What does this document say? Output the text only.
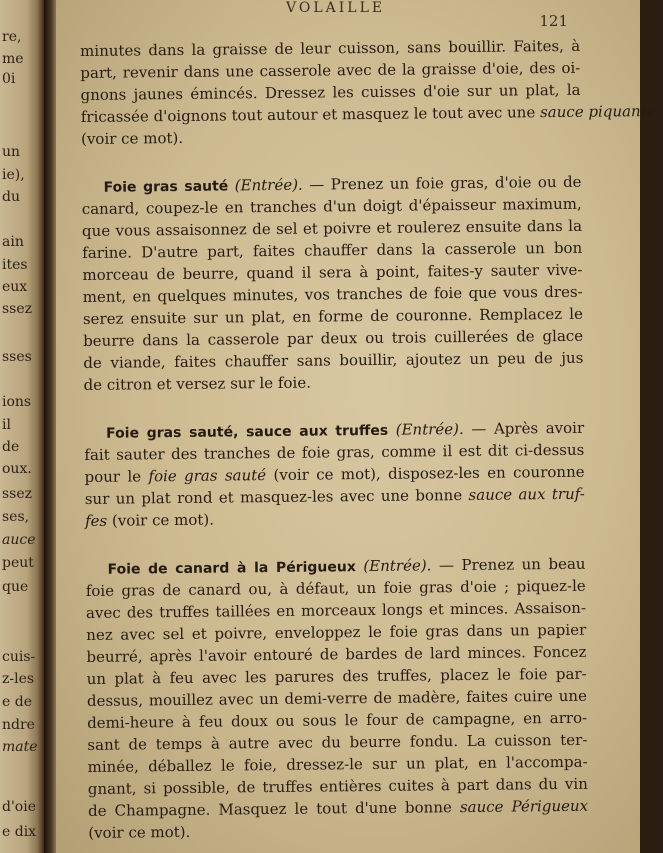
re,
me
0i
un
ie),
du
ain
ites
eux
ssez
sses
ions
il
de
oux.
ssez
ses,
auce
peut
que
cuis-
z-les
e de
ndre
mate
d'oie
e dix
VOLAILLE
121
minutes dans la graisse de leur cuisson, sans bouillir. Faites, à
part, revenir dans une casserole avec de la graisse d'oie, des oi-
gnons jaunes émincés. Dressez les cuisses d'oie sur un plat, la
fricassée d'oignons tout autour et masquez le tout avec une sauce piquante
(voir ce mot).
Foie gras sauté (Entrée). — Prenez un foie gras, d'oie ou de
canard, coupez-le en tranches d'un doigt d'épaisseur maximum,
que vous assaisonnez de sel et poivre et roulerez ensuite dans la
farine. D'autre part, faites chauffer dans la casserole un bon
morceau de beurre, quand il sera à point, faites-y sauter vive-
ment, en quelques minutes, vos tranches de foie que vous dres-
serez ensuite sur un plat, en forme de couronne. Remplacez le
beurre dans la casserole par deux ou trois cuillerées de glace
de viande, faites chauffer sans bouillir, ajoutez un peu de jus
de citron et versez sur le foie.
Foie gras sauté, sauce aux truffes (Entrée). — Après avoir
fait sauter des tranches de foie gras, comme il est dit ci-dessus
pour le foie gras sauté (voir ce mot), disposez-les en couronne
sur un plat rond et masquez-les avec une bonne sauce aux truf-
fes (voir ce mot).
Foie de canard à la Périgueux (Entrée). — Prenez un beau
foie gras de canard ou, à défaut, un foie gras d'oie ; piquez-le
avec des truffes taillées en morceaux longs et minces. Assaison-
nez avec sel et poivre, enveloppez le foie gras dans un papier
beurré, après l'avoir entouré de bardes de lard minces. Foncez
un plat à feu avec les parures des truffes, placez le foie par-
dessus, mouillez avec un demi-verre de madère, faites cuire une
demi-heure à feu doux ou sous le four de campagne, en arro-
sant de temps à autre avec du beurre fondu. La cuisson ter-
minée, déballez le foie, dressez-le sur un plat, en l'accompa-
gnant, si possible, de truffes entières cuites à part dans du vin
de Champagne. Masquez le tout d'une bonne sauce Périgueux
(voir ce mot).
